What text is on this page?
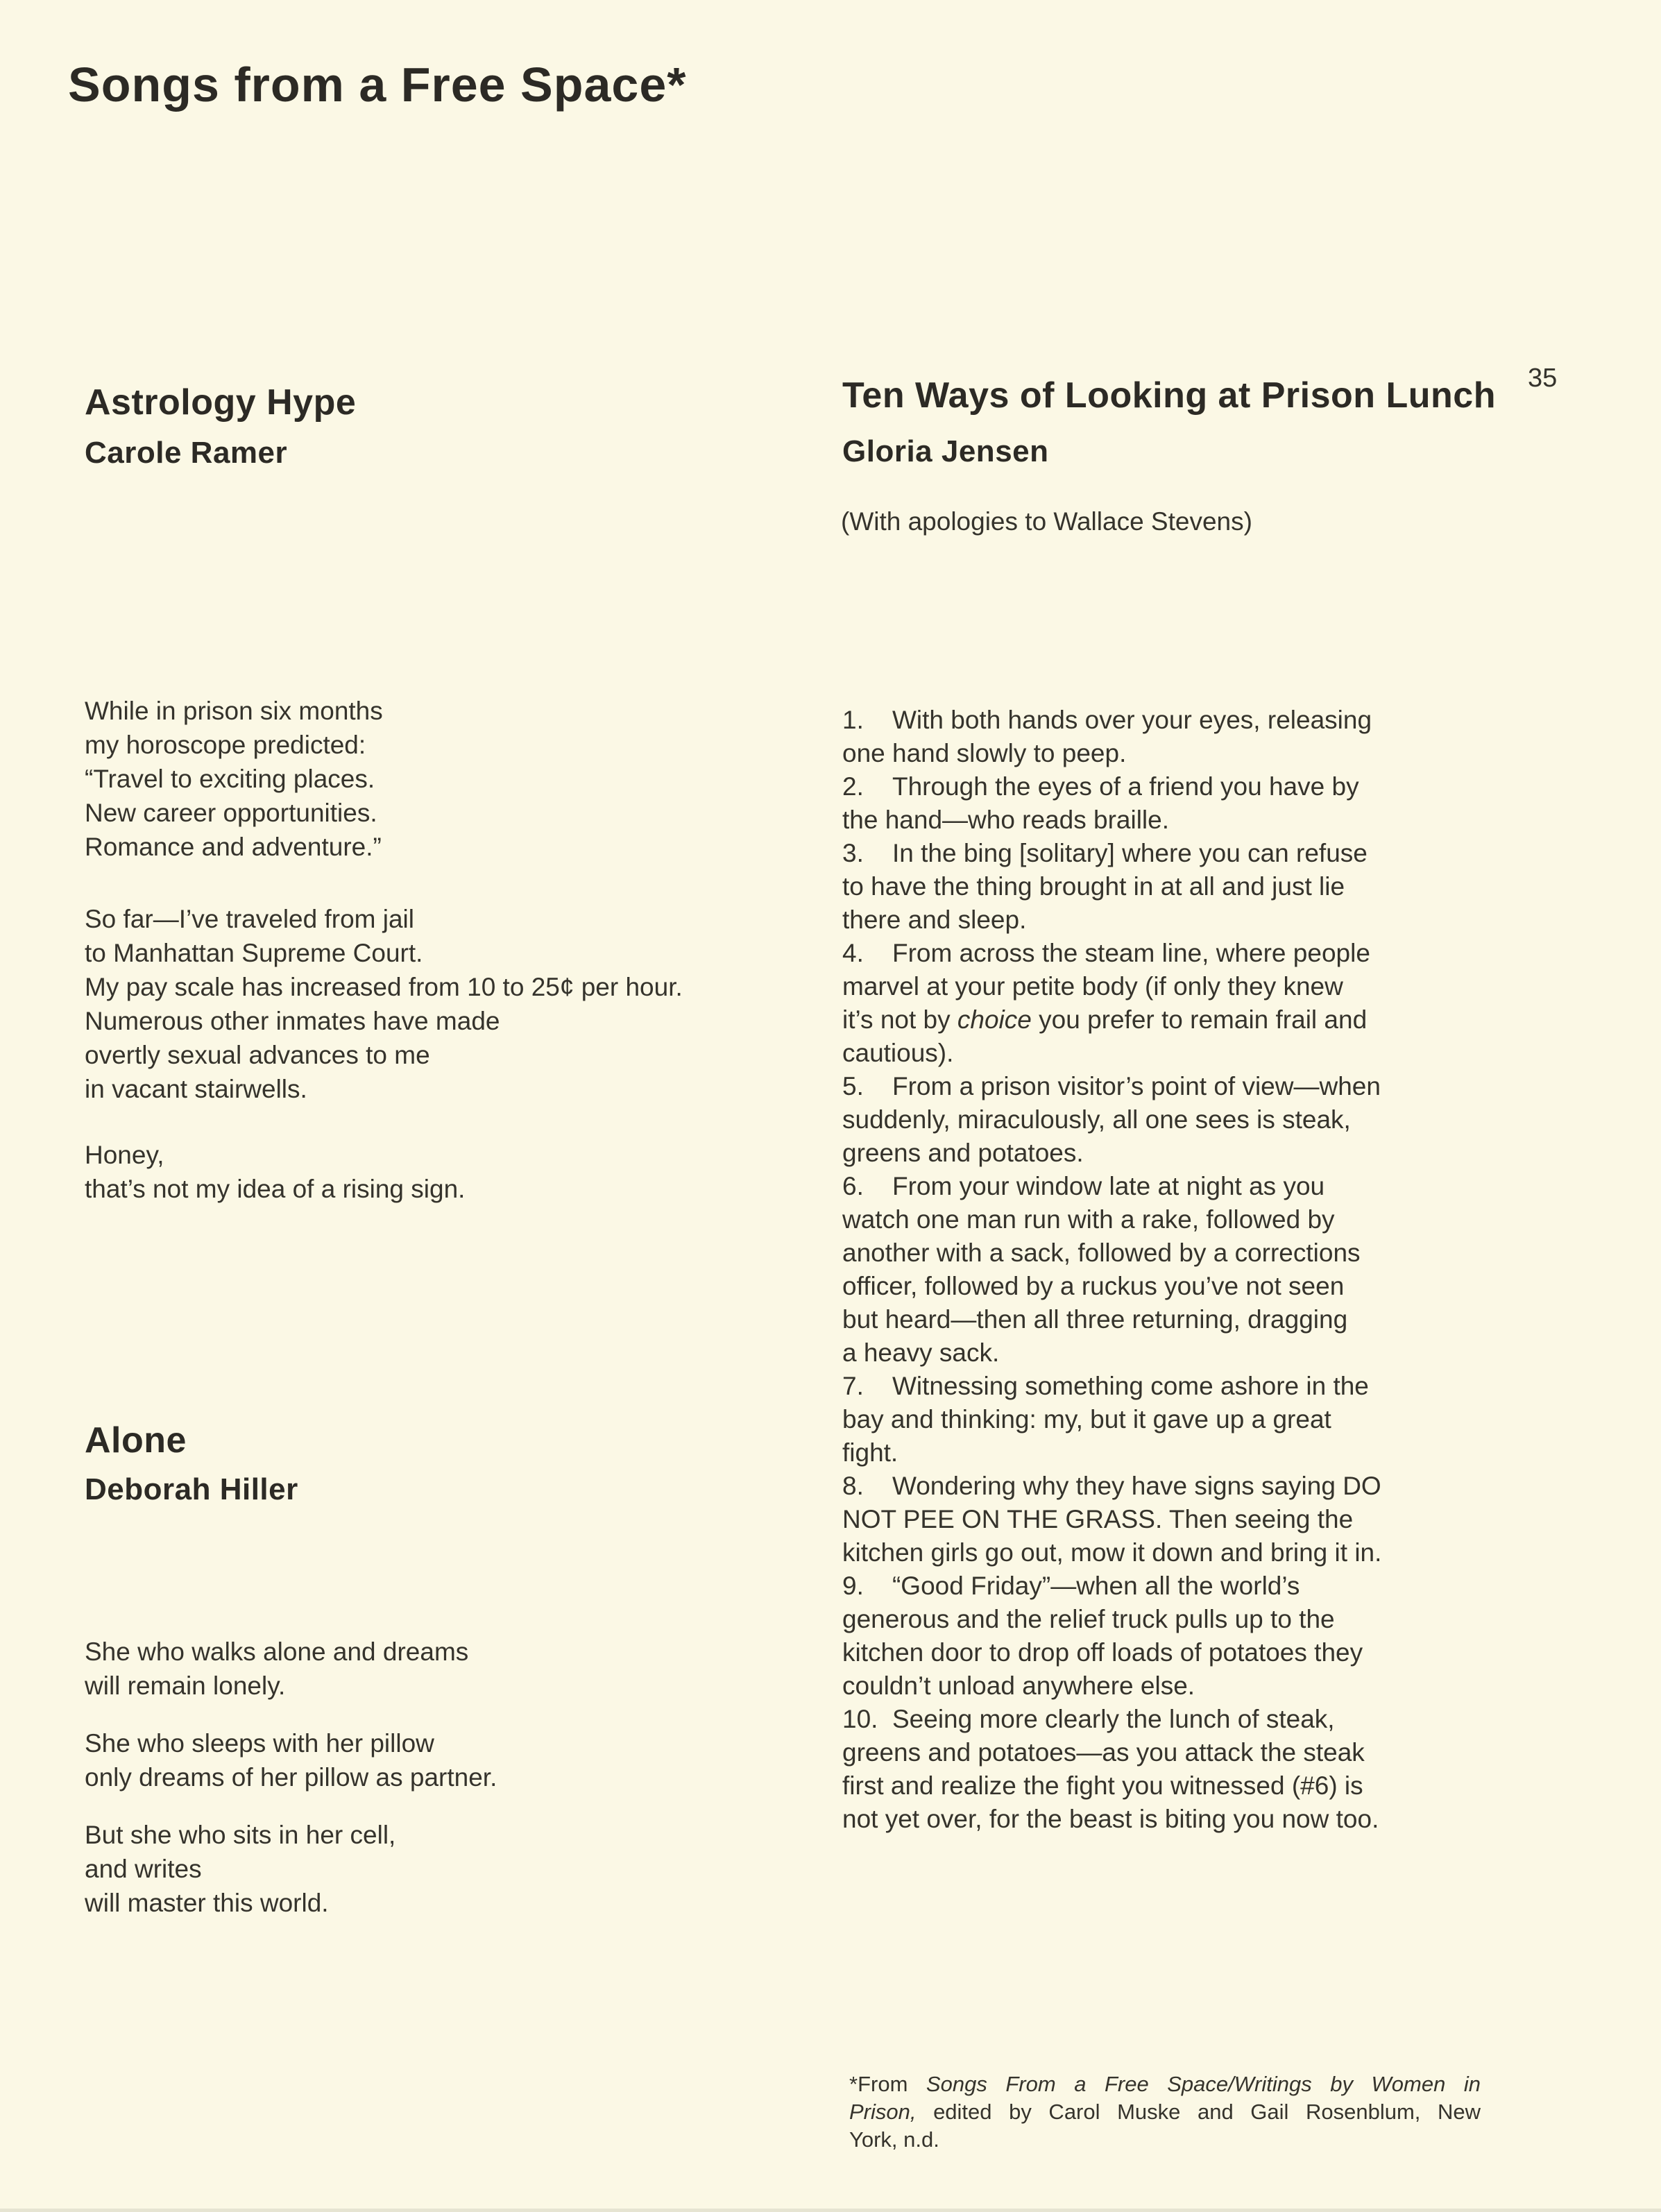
Songs from a Free Space*
35
Astrology Hype
Carole Ramer
While in prison six months
my horoscope predicted:
“Travel to exciting places.
New career opportunities.
Romance and adventure.”
So far—I’ve traveled from jail
to Manhattan Supreme Court.
My pay scale has increased from 10 to 25¢ per hour.
Numerous other inmates have made
overtly sexual advances to me
in vacant stairwells.
Honey,
that’s not my idea of a rising sign.
Alone
Deborah Hiller
She who walks alone and dreams
will remain lonely.
She who sleeps with her pillow
only dreams of her pillow as partner.
But she who sits in her cell,
and writes
will master this world.
Ten Ways of Looking at Prison Lunch
Gloria Jensen
(With apologies to Wallace Stevens)
1.    With both hands over your eyes, releasing
one hand slowly to peep.
2.    Through the eyes of a friend you have by
the hand—who reads braille.
3.    In the bing [solitary] where you can refuse
to have the thing brought in at all and just lie
there and sleep.
4.    From across the steam line, where people
marvel at your petite body (if only they knew
it’s not by choice you prefer to remain frail and
cautious).
5.    From a prison visitor’s point of view—when
suddenly, miraculously, all one sees is steak,
greens and potatoes.
6.    From your window late at night as you
watch one man run with a rake, followed by
another with a sack, followed by a corrections
officer, followed by a ruckus you’ve not seen
but heard—then all three returning, dragging
a heavy sack.
7.    Witnessing something come ashore in the
bay and thinking: my, but it gave up a great
fight.
8.    Wondering why they have signs saying DO
NOT PEE ON THE GRASS. Then seeing the
kitchen girls go out, mow it down and bring it in.
9.    “Good Friday”—when all the world’s
generous and the relief truck pulls up to the
kitchen door to drop off loads of potatoes they
couldn’t unload anywhere else.
10.  Seeing more clearly the lunch of steak,
greens and potatoes—as you attack the steak
first and realize the fight you witnessed (#6) is
not yet over, for the beast is biting you now too.
*From Songs From a Free Space/Writings by Women in
Prison, edited by Carol Muske and Gail Rosenblum, New
York, n.d.
